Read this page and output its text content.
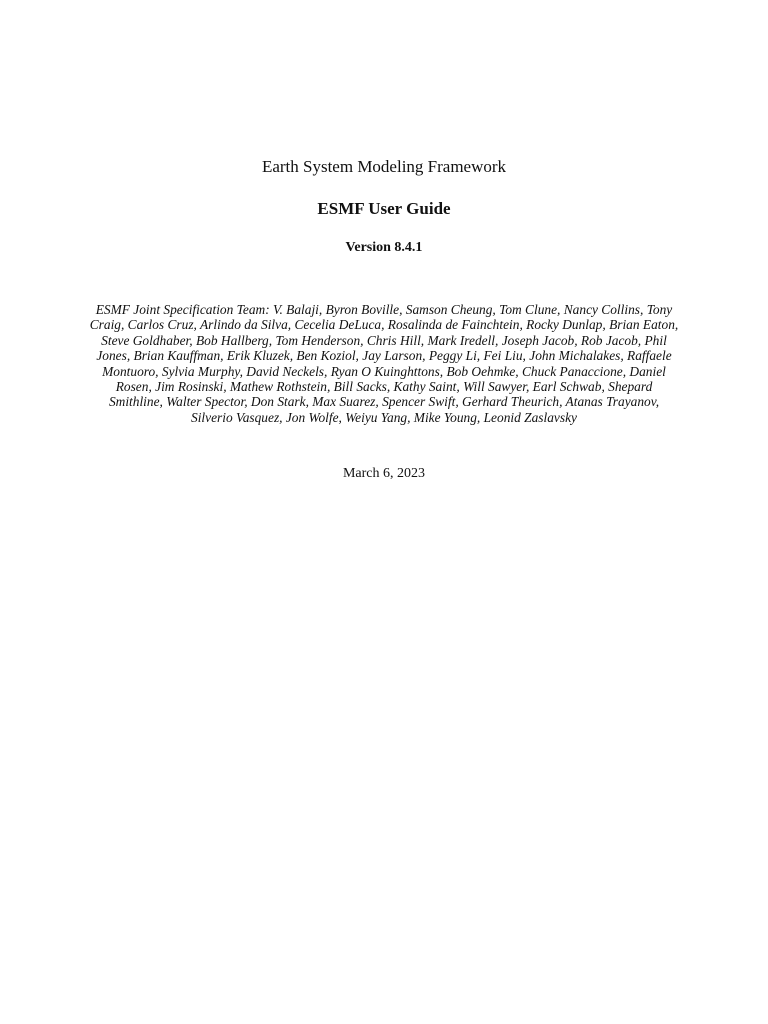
Earth System Modeling Framework
ESMF User Guide
Version 8.4.1
ESMF Joint Specification Team: V. Balaji, Byron Boville, Samson Cheung, Tom Clune, Nancy Collins, Tony Craig, Carlos Cruz, Arlindo da Silva, Cecelia DeLuca, Rosalinda de Fainchtein, Rocky Dunlap, Brian Eaton, Steve Goldhaber, Bob Hallberg, Tom Henderson, Chris Hill, Mark Iredell, Joseph Jacob, Rob Jacob, Phil Jones, Brian Kauffman, Erik Kluzek, Ben Koziol, Jay Larson, Peggy Li, Fei Liu, John Michalakes, Raffaele Montuoro, Sylvia Murphy, David Neckels, Ryan O Kuinghttons, Bob Oehmke, Chuck Panaccione, Daniel Rosen, Jim Rosinski, Mathew Rothstein, Bill Sacks, Kathy Saint, Will Sawyer, Earl Schwab, Shepard Smithline, Walter Spector, Don Stark, Max Suarez, Spencer Swift, Gerhard Theurich, Atanas Trayanov, Silverio Vasquez, Jon Wolfe, Weiyu Yang, Mike Young, Leonid Zaslavsky
March 6, 2023
